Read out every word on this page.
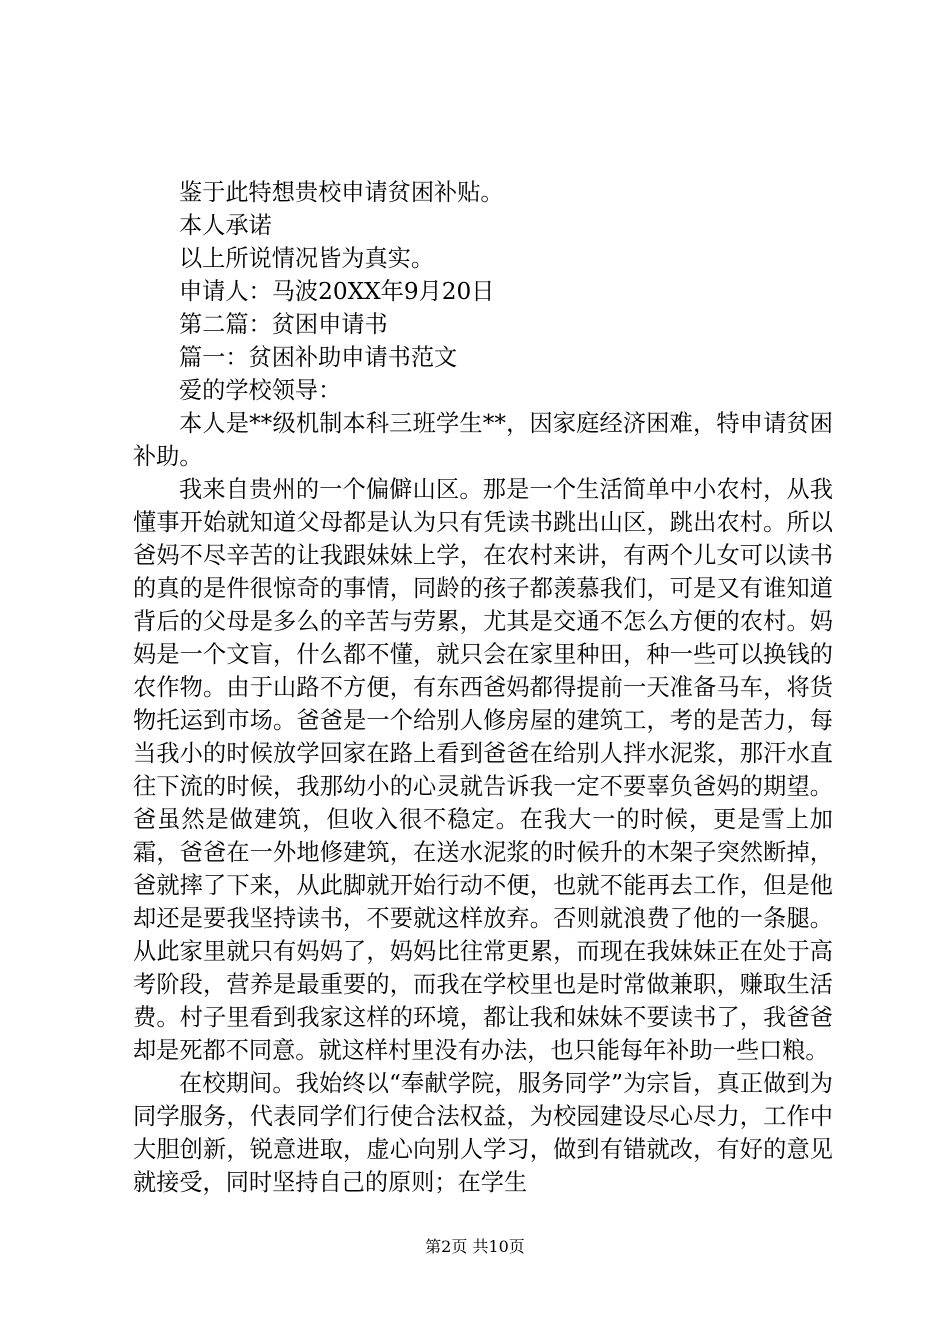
鉴于此特想贵校申请贫困补贴。

本人承诺

以上所说情况皆为真实。

申请人：马波20XX年9月20日

第二篇：贫困申请书

篇一：贫困补助申请书范文

爱的学校领导：

本人是**级机制本科三班学生**，因家庭经济困难，特申请贫困补助。

我来自贵州的一个偏僻山区。那是一个生活简单中小农村，从我懂事开始就知道父母都是认为只有凭读书跳出山区，跳出农村。所以爸妈不尽辛苦的让我跟妹妹上学，在农村来讲，有两个儿女可以读书的真的是件很惊奇的事情，同龄的孩子都羡慕我们，可是又有谁知道背后的父母是多么的辛苦与劳累，尤其是交通不怎么方便的农村。妈妈是一个文盲，什么都不懂，就只会在家里种田，种一些可以换钱的农作物。由于山路不方便，有东西爸妈都得提前一天准备马车，将货物托运到市场。爸爸是一个给别人修房屋的建筑工，考的是苦力，每当我小的时候放学回家在路上看到爸爸在给别人拌水泥浆，那汗水直往下流的时候，我那幼小的心灵就告诉我一定不要辜负爸妈的期望。爸虽然是做建筑，但收入很不稳定。在我大一的时候，更是雪上加霜，爸爸在一外地修建筑，在送水泥浆的时候升的木架子突然断掉，爸就摔了下来，从此脚就开始行动不便，也就不能再去工作，但是他却还是要我坚持读书，不要就这样放弃。否则就浪费了他的一条腿。从此家里就只有妈妈了，妈妈比往常更累，而现在我妹妹正在处于高考阶段，营养是最重要的，而我在学校里也是时常做兼职，赚取生活费。村子里看到我家这样的环境，都让我和妹妹不要读书了，我爸爸却是死都不同意。就这样村里没有办法，也只能每年补助一些口粮。

在校期间。我始终以“奉献学院，服务同学”为宗旨，真正做到为同学服务，代表同学们行使合法权益，为校园建设尽心尽力，工作中大胆创新，锐意进取，虚心向别人学习，做到有错就改，有好的意见就接受，同时坚持自己的原则；在学生

第2页 共10页
